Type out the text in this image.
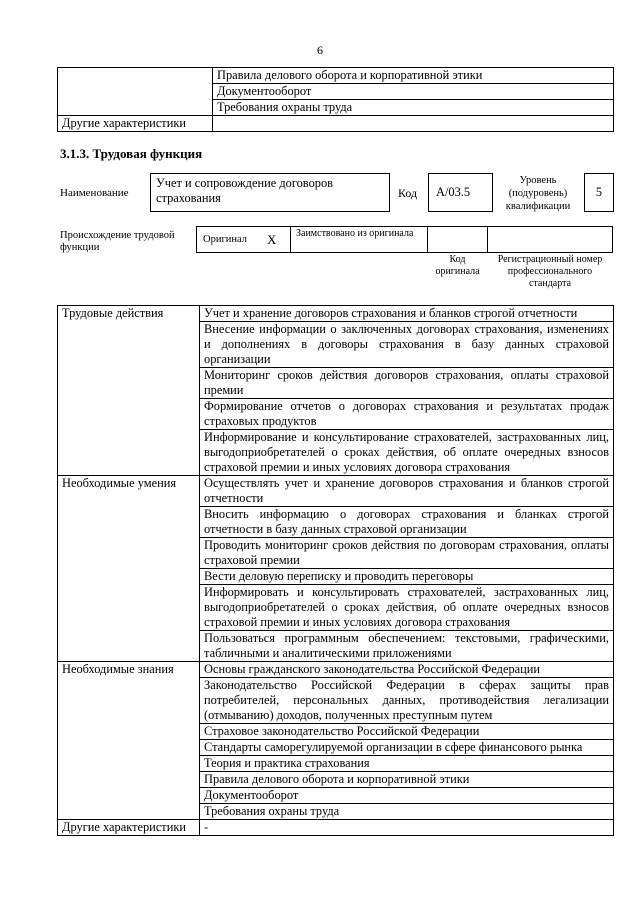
6
	Правила делового оборота и корпоративной этики
	Документооборот
	Требования охраны труда
Другие характеристики	
3.1.3. Трудовая функция
Наименование
Учет и сопровождение договоров страхования	Код	А/03.5
Уровень (подуровень) квалификации
5
Происхождение трудовой функции
Оригинал X	Заимствовано из оригинала
Код оригинала
Регистрационный номер профессионального стандарта
Трудовые действия	Учет и хранение договоров страхования и бланков строгой отчетности
	Внесение информации о заключенных договорах страхования, изменениях и дополнениях в договоры страхования в базу данных страховой организации
	Мониторинг сроков действия договоров страхования, оплаты страховой премии
	Формирование отчетов о договорах страхования и результатах продаж страховых продуктов
	Информирование и консультирование страхователей, застрахованных лиц, выгодоприобретателей о сроках действия, об оплате очередных взносов страховой премии и иных условиях договора страхования
Необходимые умения	Осуществлять учет и хранение договоров страхования и бланков строгой отчетности
	Вносить информацию о договорах страхования и бланках строгой отчетности в базу данных страховой организации
	Проводить мониторинг сроков действия по договорам страхования, оплаты страховой премии
	Вести деловую переписку и проводить переговоры
	Информировать и консультировать страхователей, застрахованных лиц, выгодоприобретателей о сроках действия, об оплате очередных взносов страховой премии и иных условиях договора страхования
	Пользоваться программным обеспечением: текстовыми, графическими, табличными и аналитическими приложениями
Необходимые знания	Основы гражданского законодательства Российской Федерации
	Законодательство Российской Федерации в сферах защиты прав потребителей, персональных данных, противодействия легализации (отмыванию) доходов, полученных преступным путем
	Страховое законодательство Российской Федерации
	Стандарты саморегулируемой организации в сфере финансового рынка
	Теория и практика страхования
	Правила делового оборота и корпоративной этики
	Документооборот
	Требования охраны труда
Другие характеристики	-
